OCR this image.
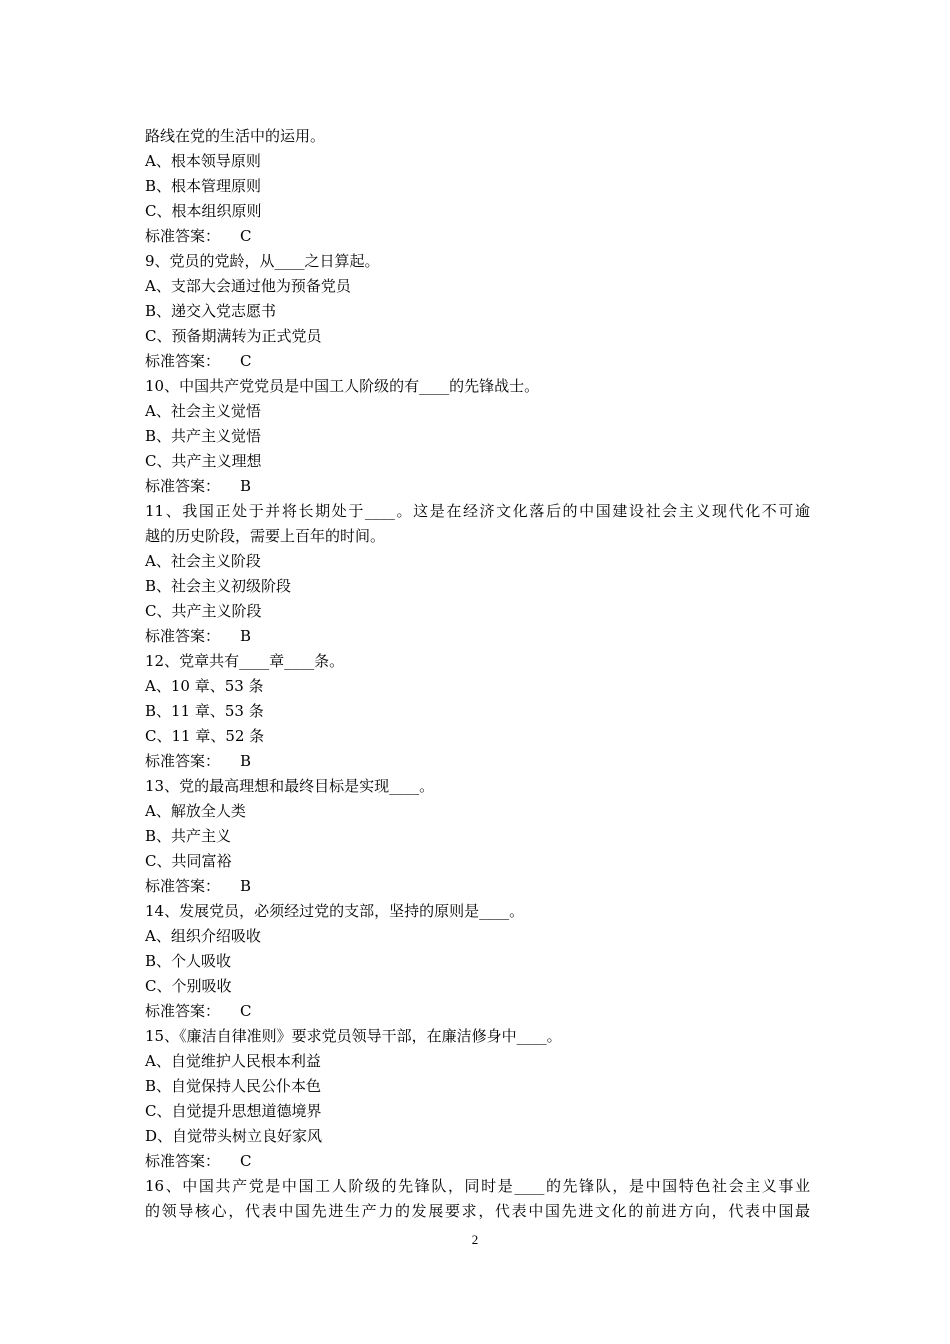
路线在党的生活中的运用。
A、根本领导原则
B、根本管理原则
C、根本组织原则
标准答案： C
9、党员的党龄，从____之日算起。
A、支部大会通过他为预备党员
B、递交入党志愿书
C、预备期满转为正式党员
标准答案： C
10、中国共产党党员是中国工人阶级的有____的先锋战士。
A、社会主义觉悟
B、共产主义觉悟
C、共产主义理想
标准答案： B
11、我国正处于并将长期处于____。这是在经济文化落后的中国建设社会主义现代化不可逾
越的历史阶段，需要上百年的时间。
A、社会主义阶段
B、社会主义初级阶段
C、共产主义阶段
标准答案： B
12、党章共有____章____条。
A、10 章、53 条
B、11 章、53 条
C、11 章、52 条
标准答案： B
13、党的最高理想和最终目标是实现____。
A、解放全人类
B、共产主义
C、共同富裕
标准答案： B
14、发展党员，必须经过党的支部，坚持的原则是____。
A、组织介绍吸收
B、个人吸收
C、个别吸收
标准答案： C
15、《廉洁自律准则》要求党员领导干部，在廉洁修身中____。
A、自觉维护人民根本利益
B、自觉保持人民公仆本色
C、自觉提升思想道德境界
D、自觉带头树立良好家风
标准答案： C
16、中国共产党是中国工人阶级的先锋队，同时是____的先锋队，是中国特色社会主义事业
的领导核心，代表中国先进生产力的发展要求，代表中国先进文化的前进方向，代表中国最
2
